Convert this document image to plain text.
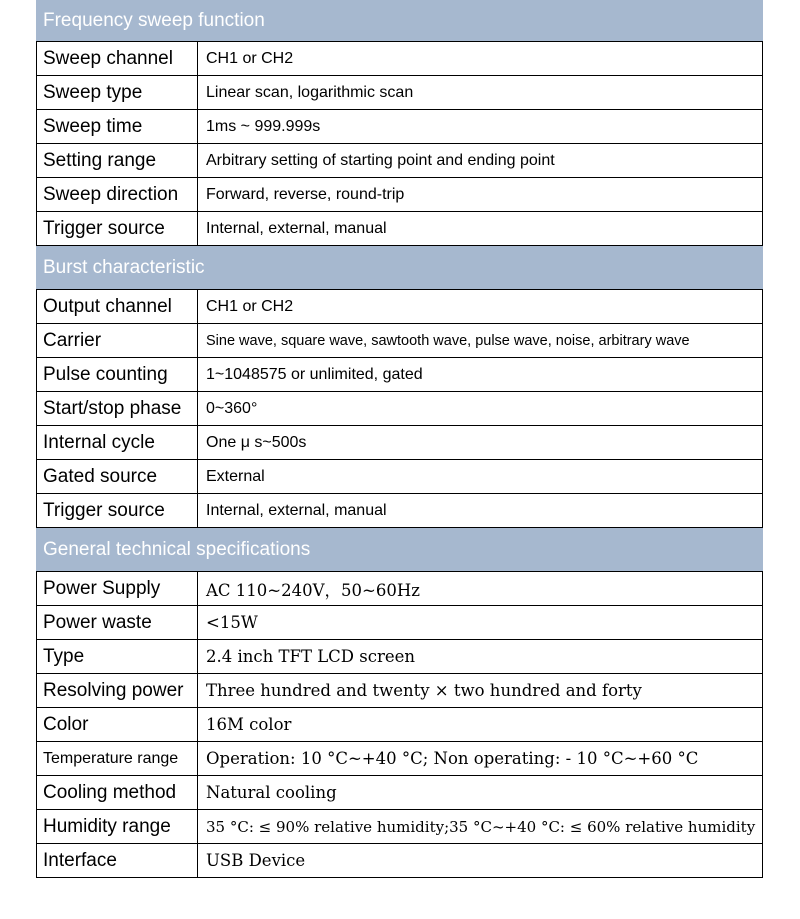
Frequency sweep function
Sweep channel	CH1 or CH2
Sweep type	Linear scan, logarithmic scan
Sweep time	1ms ~ 999.999s
Setting range	Arbitrary setting of starting point and ending point
Sweep direction	Forward, reverse, round-trip
Trigger source	Internal, external, manual
Burst characteristic
Output channel	CH1 or CH2
Carrier	Sine wave, square wave, sawtooth wave, pulse wave, noise, arbitrary wave
Pulse counting	1~1048575 or unlimited, gated
Start/stop phase	0~360°
Internal cycle	One μ s~500s
Gated source	External
Trigger source	Internal, external, manual
General technical specifications
Power Supply	AC 110~240V，50~60Hz
Power waste	<15W
Type	2.4 inch TFT LCD screen
Resolving power	Three hundred and twenty × two hundred and forty
Color	16M color
Temperature range	Operation: 10 °C~+40 °C; Non operating: - 10 °C~+60 °C
Cooling method	Natural cooling
Humidity range	35 °C: ≤ 90% relative humidity;35 °C~+40 °C: ≤ 60% relative humidity
Interface	USB Device
